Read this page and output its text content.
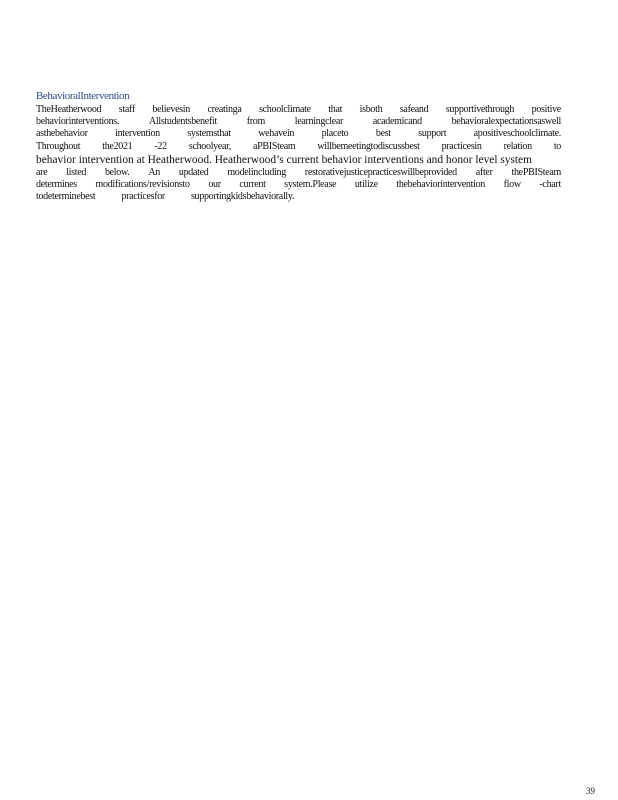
BehavioralIntervention
TheHeatherwood staff believesin creatinga schoolclimate that isboth safeand supportivethrough positive
behaviorinterventions.	Allstudentsbenefit	from	learningclear	academicand	behavioralexpectationsaswell
asthebehavior	intervention	systemsthat	wehavein	placeto	best	support	apositiveschoolclimate.
Throughout the2021 -22 schoolyear, aPBISteam willbemeetingtodiscussbest practicesin relation to
behavior intervention at Heatherwood. Heatherwood’s current behavior interventions and honor level system
are listed below. An updated modelincluding restorativejusticepracticeswillbeprovided after thePBISteam
determines modifications/revisionsto our current system.Please utilize thebehaviorintervention flow -chart
todeterminebest	practicesfor	supportingkidsbehaviorally.
39
